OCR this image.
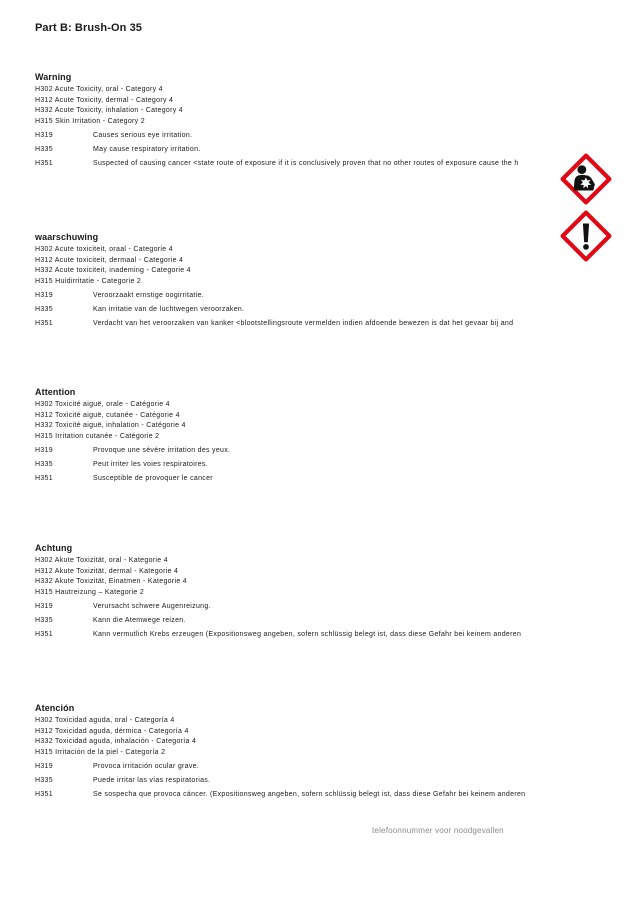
Part B: Brush-On 35
Warning
H302 Acute Toxicity, oral - Category 4
H312 Acute Toxicity, dermal - Category 4
H332 Acute Toxicity, inhalation - Category 4
H315 Skin Irritation - Category 2
H319	Causes serious eye irritation.
H335	May cause respiratory irritation.
H351	Suspected of causing cancer <state route of exposure if it is conclusively proven that no other routes of exposure cause the h
waarschuwing
H302 Acute toxiciteit, oraal - Categorie 4
H312 Acute toxiciteit, dermaal - Categorie 4
H332 Acute toxiciteit, inademing - Categorie 4
H315 Huidirritatie - Categorie 2
H319	Veroorzaakt ernstige oogirritatie.
H335	Kan irritatie van de luchtwegen veroorzaken.
H351	Verdacht van het veroorzaken van kanker <blootstellingsroute vermelden indien afdoende bewezen is dat het gevaar bij and
Attention
H302 Toxicité aiguë, orale - Catégorie 4
H312 Toxicité aiguë, cutanée - Catégorie 4
H332 Toxicité aiguë, inhalation - Catégorie 4
H315 Irritation cutanée - Catégorie 2
H319	Provoque une sévère irritation des yeux.
H335	Peut irriter les voies respiratoires.
H351	Susceptible de provoquer le cancer
Achtung
H302 Akute Toxizität, oral - Kategorie 4
H312 Akute Toxizität, dermal - Kategorie 4
H332 Akute Toxizität, Einatmen - Kategorie 4
H315 Hautreizung – Kategorie 2
H319	Verursacht schwere Augenreizung.
H335	Kann die Atemwege reizen.
H351	Kann vermutlich Krebs erzeugen (Expositionsweg angeben, sofern schlüssig belegt ist, dass diese Gefahr bei keinem anderen
Atención
H302 Toxicidad aguda, oral - Categoría 4
H312 Toxicidad aguda, dérmica - Categoría 4
H332 Toxicidad aguda, inhalación - Categoría 4
H315 Irritación de la piel - Categoría 2
H319	Provoca irritación ocular grave.
H335	Puede irritar las vías respiratorias.
H351	Se sospecha que provoca cáncer. (Expositionsweg angeben, sofern schlüssig belegt ist, dass diese Gefahr bei keinem anderen
telefoonnummer voor noodgevallen
